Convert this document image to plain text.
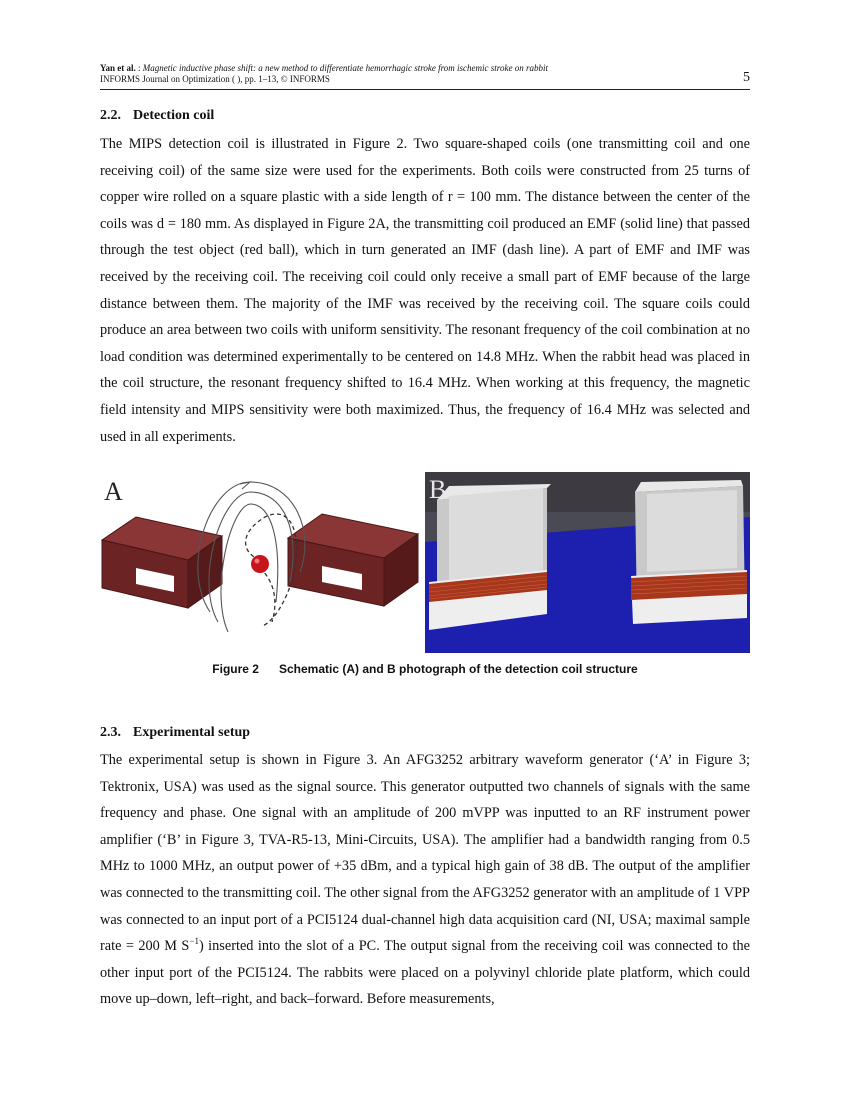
Yan et al. : Magnetic inductive phase shift: a new method to differentiate hemorrhagic stroke from ischemic stroke on rabbit
INFORMS Journal on Optimization ( ), pp. 1–13, © INFORMS	5
2.2. Detection coil

The MIPS detection coil is illustrated in Figure 2. Two square-shaped coils (one transmitting coil and one receiving coil) of the same size were used for the experiments. Both coils were constructed from 25 turns of copper wire rolled on a square plastic with a side length of r = 100 mm. The distance between the center of the coils was d = 180 mm. As displayed in Figure 2A, the transmitting coil produced an EMF (solid line) that passed through the test object (red ball), which in turn generated an IMF (dash line). A part of EMF and IMF was received by the receiving coil. The receiving coil could only receive a small part of EMF because of the large distance between them. The majority of the IMF was received by the receiving coil. The square coils could produce an area between two coils with uniform sensitivity. The resonant frequency of the coil combination at no load condition was determined experimentally to be centered on 14.8 MHz. When the rabbit head was placed in the coil structure, the resonant frequency shifted to 16.4 MHz. When working at this frequency, the magnetic field intensity and MIPS sensitivity were both maximized. Thus, the frequency of 16.4 MHz was selected and used in all experiments.

A	B
Figure 2 Schematic (A) and B photograph of the detection coil structure
2.3. Experimental setup

The experimental setup is shown in Figure 3. An AFG3252 arbitrary waveform generator (‘A’ in Figure 3; Tektronix, USA) was used as the signal source. This generator outputted two channels of signals with the same frequency and phase. One signal with an amplitude of 200 mVPP was inputted to an RF instrument power amplifier (‘B’ in Figure 3, TVA-R5-13, Mini-Circuits, USA). The amplifier had a bandwidth ranging from 0.5 MHz to 1000 MHz, an output power of +35 dBm, and a typical high gain of 38 dB. The output of the amplifier was connected to the transmitting coil. The other signal from the AFG3252 generator with an amplitude of 1 VPP was connected to an input port of a PCI5124 dual-channel high data acquisition card (NI, USA; maximal sample rate = 200 M $S^{-1}$) inserted into the slot of a PC. The output signal from the receiving coil was connected to the other input port of the PCI5124. The rabbits were placed on a polyvinyl chloride plate platform, which could move up–down, left–right, and back–forward. Before measurements,
